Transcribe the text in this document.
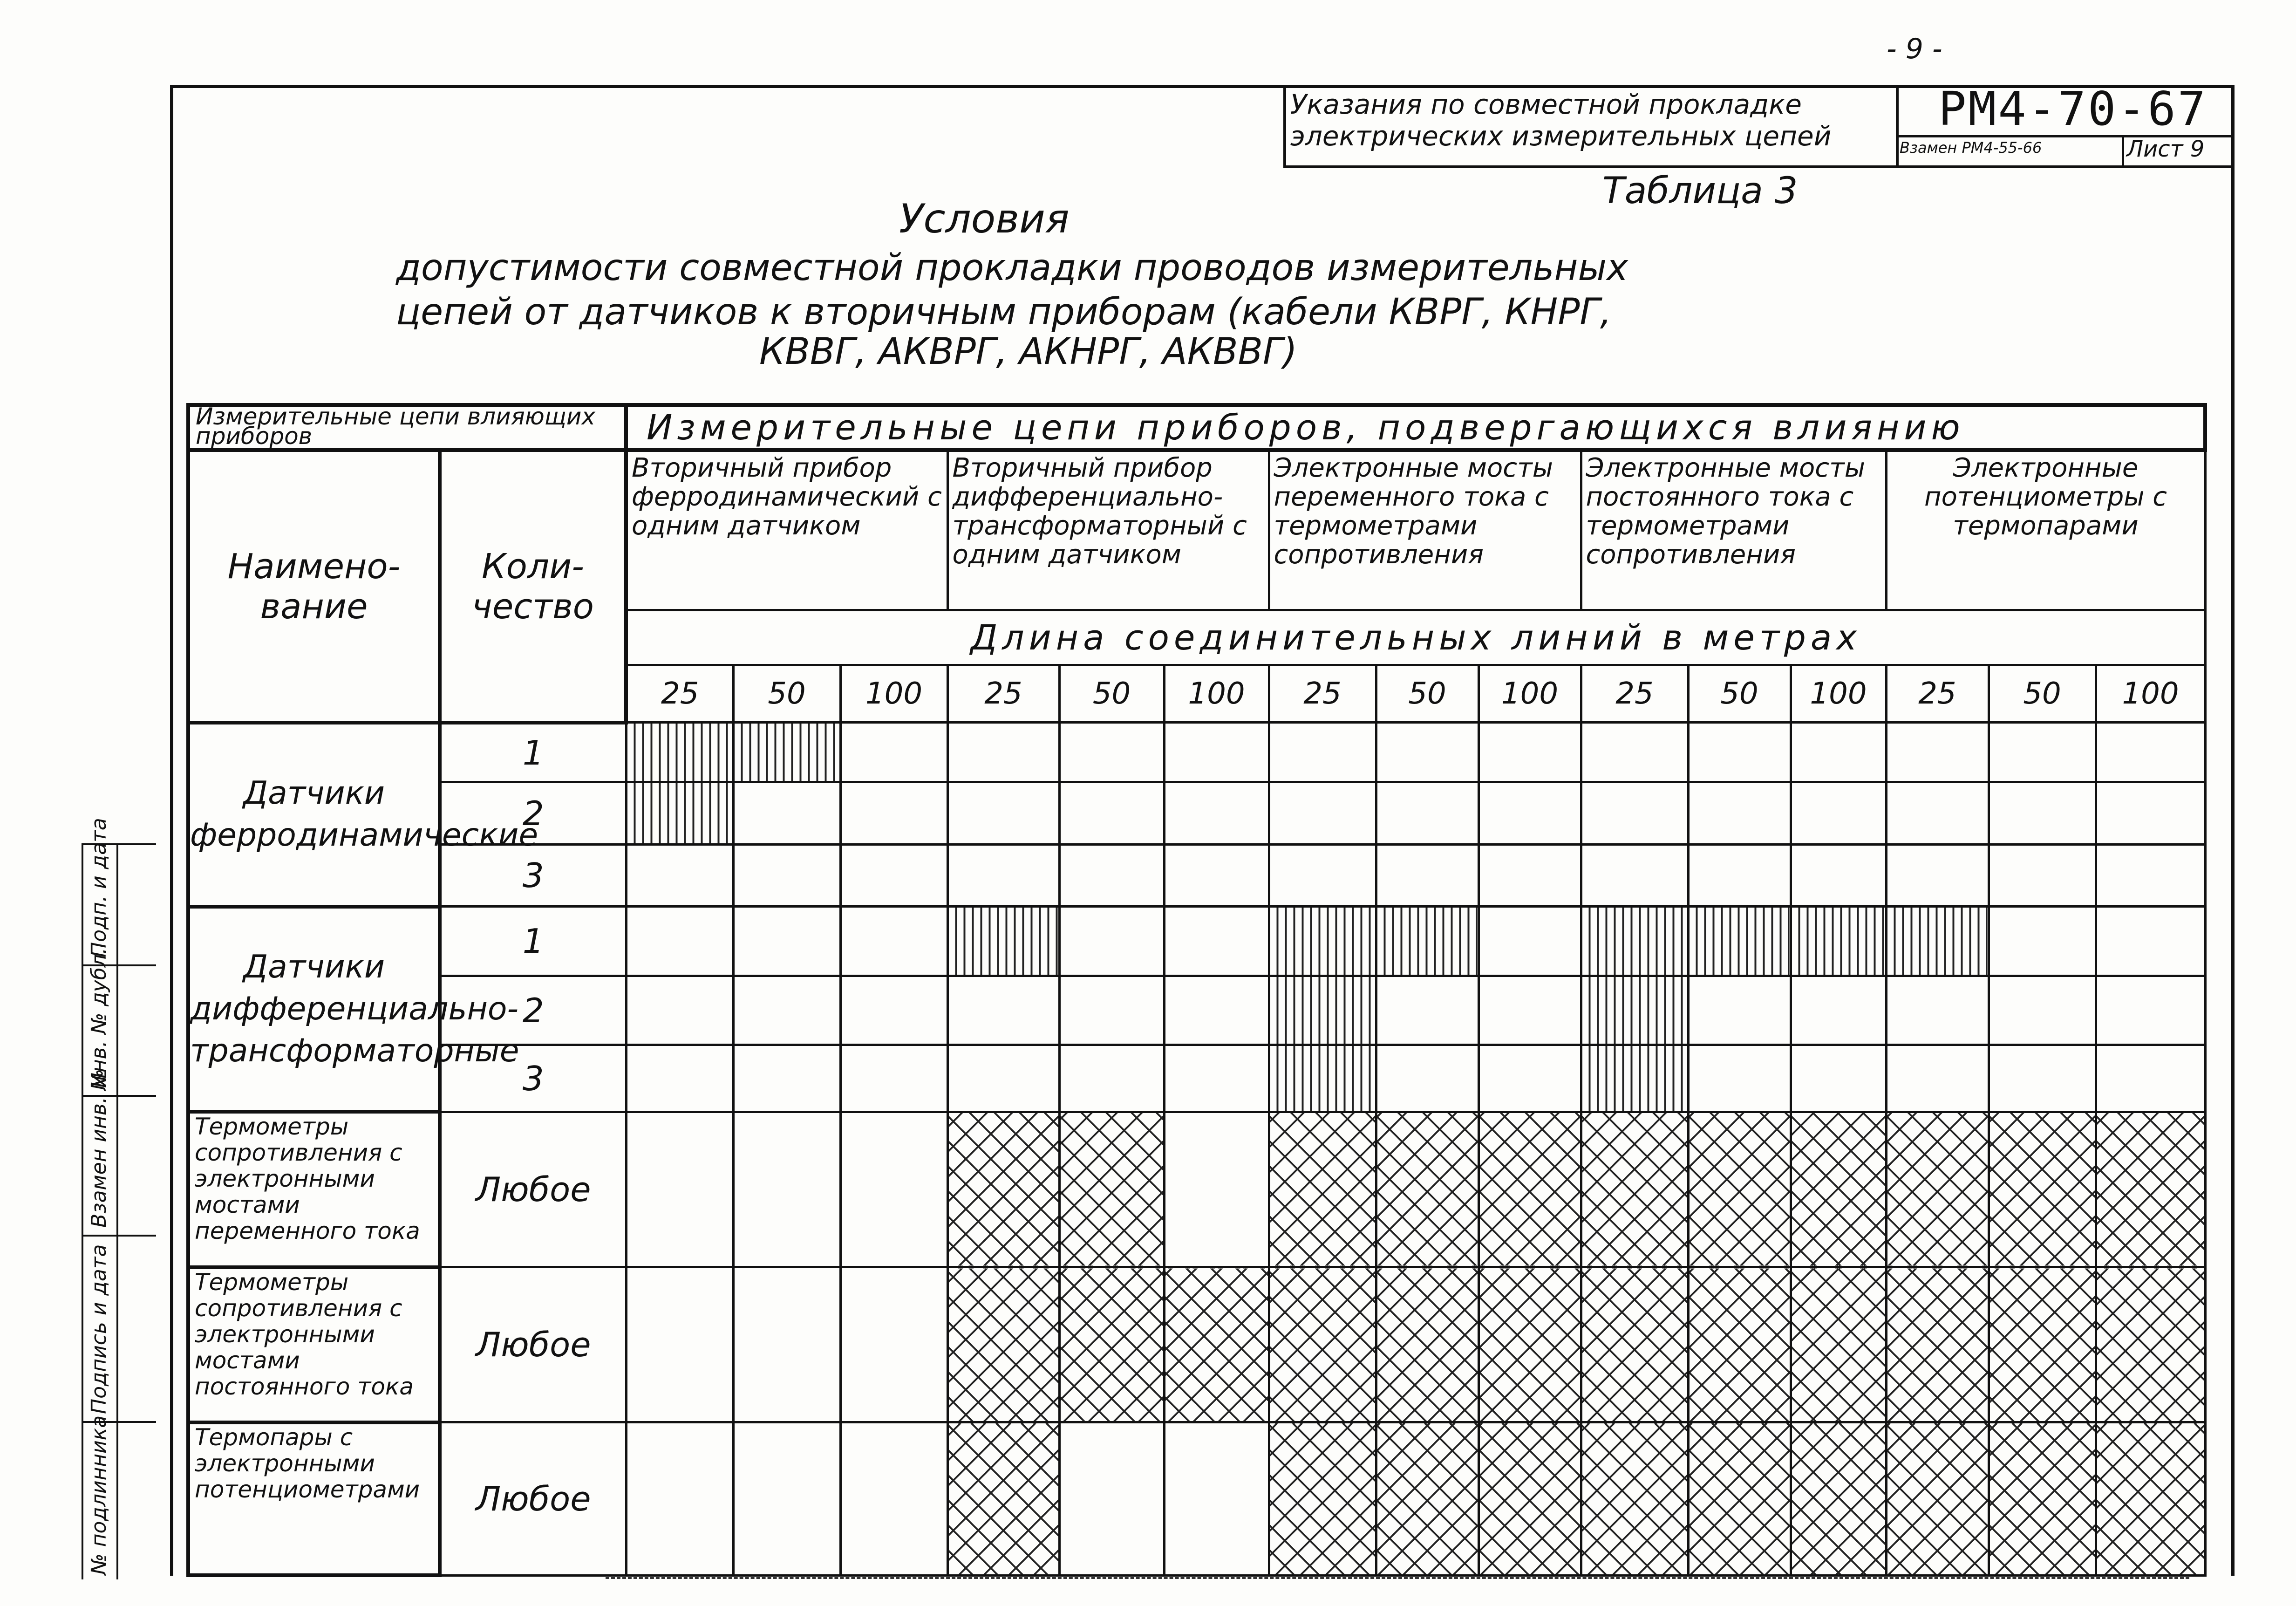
- 9 -
Указания по совместной прокладке электрических измерительных цепей	РМ4-70-67
Взамен РМ4-55-66	Лист 9
Таблица 3
Условия
допустимости совместной прокладки проводов измерительных
цепей от датчиков к вторичным приборам (кабели КВРГ, КНРГ,
КВВГ, АКВРГ, АКНРГ, АКВВГ)
Измерительные цепи влияющих приборов		Измерительные цепи приборов, подвергающихся влиянию														
Наимено-
вание	Коли-
чество	Вторичный прибор ферродинамический с одним датчиком			Вторичный прибор дифференциально-трансформаторный с одним датчиком			Электронные мосты переменного тока с термометрами сопротивления			Электронные мосты постоянного тока с термометрами сопротивления			Электронные потенциометры с термопарами		
		Длина соединительных линий в метрах														
		25	50	100	25	50	100	25	50	100	25	50	100	25	50	100
Датчики ферродинамические	1															
	2															
	3															
Датчики дифференциально-трансформаторные	1															
	2															
	3															
Термометры сопротивления с электронными мостами переменного тока	Любое															
Термометры сопротивления с электронными мостами постоянного тока	Любое															
Термопары с электронными потенциометрами	Любое															
Подп. и дата
Инв. № дубл.
Взамен инв. №
Подпись и дата
№ подлинника
